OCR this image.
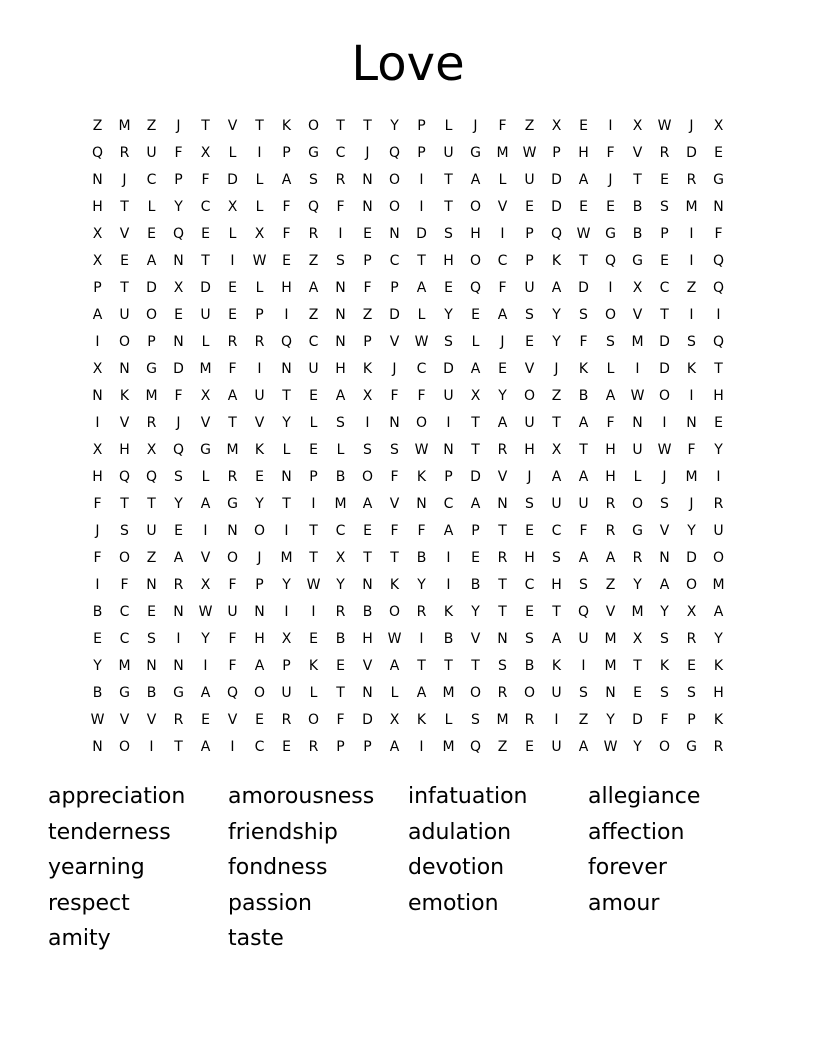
Love
Z	M	Z	J	T	V	T	K	O	T	T	Y	P	L	J	F	Z	X	E	I	X	W	J	X
Q	R	U	F	X	L	I	P	G	C	J	Q	P	U	G	M	W	P	H	F	V	R	D	E
N	J	C	P	F	D	L	A	S	R	N	O	I	T	A	L	U	D	A	J	T	E	R	G
H	T	L	Y	C	X	L	F	Q	F	N	O	I	T	O	V	E	D	E	E	B	S	M	N
X	V	E	Q	E	L	X	F	R	I	E	N	D	S	H	I	P	Q	W	G	B	P	I	F
X	E	A	N	T	I	W	E	Z	S	P	C	T	H	O	C	P	K	T	Q	G	E	I	Q
P	T	D	X	D	E	L	H	A	N	F	P	A	E	Q	F	U	A	D	I	X	C	Z	Q
A	U	O	E	U	E	P	I	Z	N	Z	D	L	Y	E	A	S	Y	S	O	V	T	I	I
I	O	P	N	L	R	R	Q	C	N	P	V	W	S	L	J	E	Y	F	S	M	D	S	Q
X	N	G	D	M	F	I	N	U	H	K	J	C	D	A	E	V	J	K	L	I	D	K	T
N	K	M	F	X	A	U	T	E	A	X	F	F	U	X	Y	O	Z	B	A	W	O	I	H
I	V	R	J	V	T	V	Y	L	S	I	N	O	I	T	A	U	T	A	F	N	I	N	E
X	H	X	Q	G	M	K	L	E	L	S	S	W	N	T	R	H	X	T	H	U	W	F	Y
H	Q	Q	S	L	R	E	N	P	B	O	F	K	P	D	V	J	A	A	H	L	J	M	I
F	T	T	Y	A	G	Y	T	I	M	A	V	N	C	A	N	S	U	U	R	O	S	J	R
J	S	U	E	I	N	O	I	T	C	E	F	F	A	P	T	E	C	F	R	G	V	Y	U
F	O	Z	A	V	O	J	M	T	X	T	T	B	I	E	R	H	S	A	A	R	N	D	O
I	F	N	R	X	F	P	Y	W	Y	N	K	Y	I	B	T	C	H	S	Z	Y	A	O	M
B	C	E	N	W	U	N	I	I	R	B	O	R	K	Y	T	E	T	Q	V	M	Y	X	A
E	C	S	I	Y	F	H	X	E	B	H	W	I	B	V	N	S	A	U	M	X	S	R	Y
Y	M	N	N	I	F	A	P	K	E	V	A	T	T	T	S	B	K	I	M	T	K	E	K
B	G	B	G	A	Q	O	U	L	T	N	L	A	M	O	R	O	U	S	N	E	S	S	H
W	V	V	R	E	V	E	R	O	F	D	X	K	L	S	M	R	I	Z	Y	D	F	P	K
N	O	I	T	A	I	C	E	R	P	P	A	I	M	Q	Z	E	U	A	W	Y	O	G	R
appreciation	amorousness	infatuation	allegiance
tenderness	friendship	adulation	affection
yearning	fondness	devotion	forever
respect	passion	emotion	amour
amity	taste
